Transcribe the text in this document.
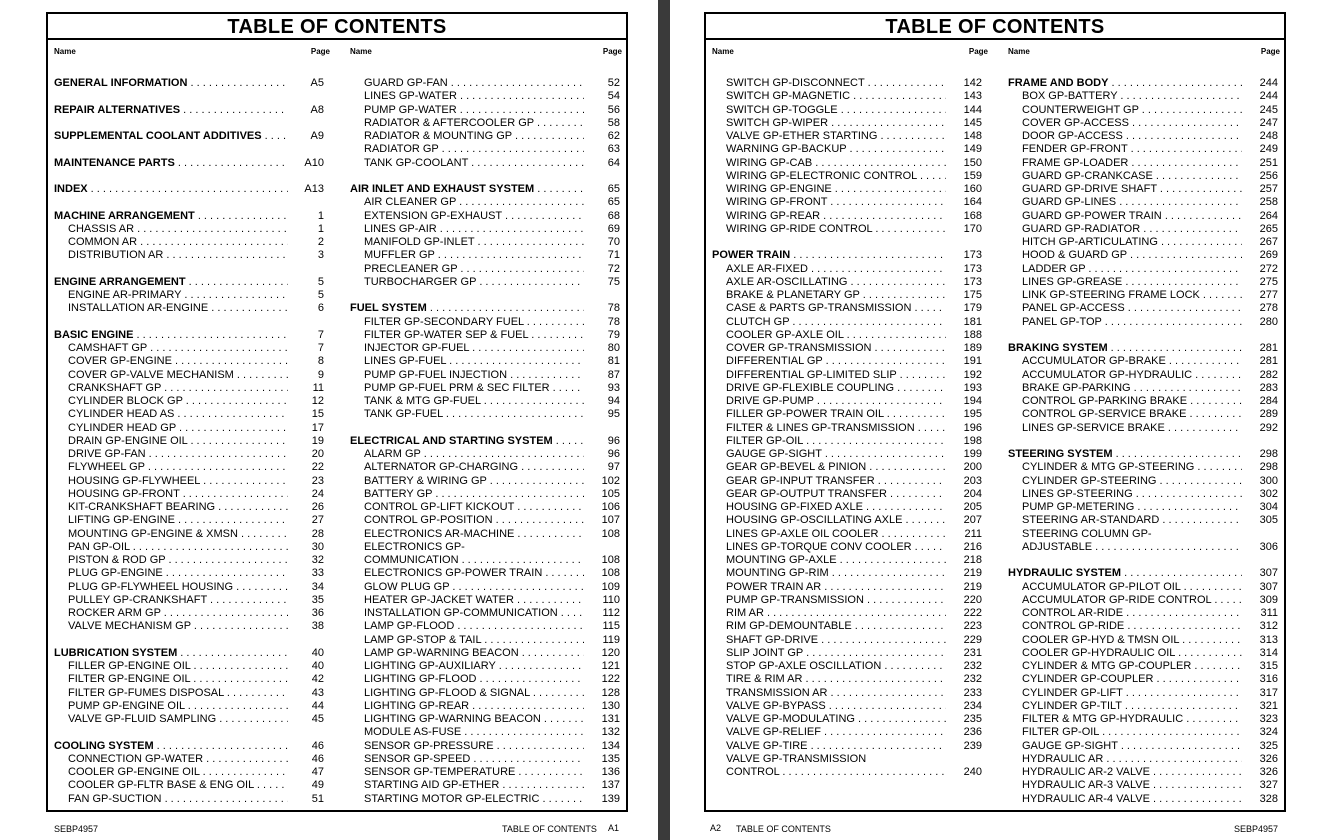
TABLE OF CONTENTS
Name	Page	Name	Page
GENERAL INFORMATION . . .	A5
REPAIR ALTERNATIVES . . .	A8
SUPPLEMENTAL COOLANT ADDITIVES . . .	A9
MAINTENANCE PARTS . . .	A10
INDEX . . .	A13
MACHINE ARRANGEMENT . . .	1
CHASSIS AR . . .	1
COMMON AR . . .	2
DISTRIBUTION AR . . .	3
ENGINE ARRANGEMENT . . .	5
ENGINE AR-PRIMARY . . .	5
INSTALLATION AR-ENGINE . . .	6
BASIC ENGINE . . .	7
CAMSHAFT GP . . .	7
COVER GP-ENGINE . . .	8
COVER GP-VALVE MECHANISM . . .	9
CRANKSHAFT GP . . .	11
CYLINDER BLOCK GP . . .	12
CYLINDER HEAD AS . . .	15
CYLINDER HEAD GP . . .	17
DRAIN GP-ENGINE OIL . . .	19
DRIVE GP-FAN . . .	20
FLYWHEEL GP . . .	22
HOUSING GP-FLYWHEEL . . .	23
HOUSING GP-FRONT . . .	24
KIT-CRANKSHAFT BEARING . . .	26
LIFTING GP-ENGINE . . .	27
MOUNTING GP-ENGINE & XMSN . . .	28
PAN GP-OIL . . .	30
PISTON & ROD GP . . .	32
PLUG GP-ENGINE . . .	33
PLUG GP-FLYWHEEL HOUSING . . .	34
PULLEY GP-CRANKSHAFT . . .	35
ROCKER ARM GP . . .	36
VALVE MECHANISM GP . . .	38
LUBRICATION SYSTEM . . .	40
FILLER GP-ENGINE OIL . . .	40
FILTER GP-ENGINE OIL . . .	42
FILTER GP-FUMES DISPOSAL . . .	43
PUMP GP-ENGINE OIL . . .	44
VALVE GP-FLUID SAMPLING . . .	45
COOLING SYSTEM . . .	46
CONNECTION GP-WATER . . .	46
COOLER GP-ENGINE OIL . . .	47
COOLER GP-FLTR BASE & ENG OIL . . .	49
FAN GP-SUCTION . . .	51
GUARD GP-FAN . . .	52
LINES GP-WATER . . .	54
PUMP GP-WATER . . .	56
RADIATOR & AFTERCOOLER GP . . .	58
RADIATOR & MOUNTING GP . . .	62
RADIATOR GP . . .	63
TANK GP-COOLANT . . .	64
AIR INLET AND EXHAUST SYSTEM . . .	65
AIR CLEANER GP . . .	65
EXTENSION GP-EXHAUST . . .	68
LINES GP-AIR . . .	69
MANIFOLD GP-INLET . . .	70
MUFFLER GP . . .	71
PRECLEANER GP . . .	72
TURBOCHARGER GP . . .	75
FUEL SYSTEM . . .	78
FILTER GP-SECONDARY FUEL . . .	78
FILTER GP-WATER SEP & FUEL . . .	79
INJECTOR GP-FUEL . . .	80
LINES GP-FUEL . . .	81
PUMP GP-FUEL INJECTION . . .	87
PUMP GP-FUEL PRM & SEC FILTER . . .	93
TANK & MTG GP-FUEL . . .	94
TANK GP-FUEL . . .	95
ELECTRICAL AND STARTING SYSTEM . . .	96
ALARM GP . . .	96
ALTERNATOR GP-CHARGING . . .	97
BATTERY & WIRING GP . . .	102
BATTERY GP . . .	105
CONTROL GP-LIFT KICKOUT . . .	106
CONTROL GP-POSITION . . .	107
ELECTRONICS AR-MACHINE . . .	108
ELECTRONICS GP-
COMMUNICATION . . .	108
ELECTRONICS GP-POWER TRAIN . . .	108
GLOW PLUG GP . . .	109
HEATER GP-JACKET WATER . . .	110
INSTALLATION GP-COMMUNICATION . . .	112
LAMP GP-FLOOD . . .	115
LAMP GP-STOP & TAIL . . .	119
LAMP GP-WARNING BEACON . . .	120
LIGHTING GP-AUXILIARY . . .	121
LIGHTING GP-FLOOD . . .	122
LIGHTING GP-FLOOD & SIGNAL . . .	128
LIGHTING GP-REAR . . .	130
LIGHTING GP-WARNING BEACON . . .	131
MODULE AS-FUSE . . .	132
SENSOR GP-PRESSURE . . .	134
SENSOR GP-SPEED . . .	135
SENSOR GP-TEMPERATURE . . .	136
STARTING AID GP-ETHER . . .	137
STARTING MOTOR GP-ELECTRIC . . .	139
SEBP4957	TABLE OF CONTENTS A1
TABLE OF CONTENTS
Name	Page	Name	Page
SWITCH GP-DISCONNECT . . .	142
SWITCH GP-MAGNETIC . . .	143
SWITCH GP-TOGGLE . . .	144
SWITCH GP-WIPER . . .	145
VALVE GP-ETHER STARTING . . .	148
WARNING GP-BACKUP . . .	149
WIRING GP-CAB . . .	150
WIRING GP-ELECTRONIC CONTROL . . .	159
WIRING GP-ENGINE . . .	160
WIRING GP-FRONT . . .	164
WIRING GP-REAR . . .	168
WIRING GP-RIDE CONTROL . . .	170
POWER TRAIN . . .	173
AXLE AR-FIXED . . .	173
AXLE AR-OSCILLATING . . .	173
BRAKE & PLANETARY GP . . .	175
CASE & PARTS GP-TRANSMISSION . . .	179
CLUTCH GP . . .	181
COOLER GP-AXLE OIL . . .	188
COVER GP-TRANSMISSION . . .	189
DIFFERENTIAL GP . . .	191
DIFFERENTIAL GP-LIMITED SLIP . . .	192
DRIVE GP-FLEXIBLE COUPLING . . .	193
DRIVE GP-PUMP . . .	194
FILLER GP-POWER TRAIN OIL . . .	195
FILTER & LINES GP-TRANSMISSION . . .	196
FILTER GP-OIL . . .	198
GAUGE GP-SIGHT . . .	199
GEAR GP-BEVEL & PINION . . .	200
GEAR GP-INPUT TRANSFER . . .	203
GEAR GP-OUTPUT TRANSFER . . .	204
HOUSING GP-FIXED AXLE . . .	205
HOUSING GP-OSCILLATING AXLE . . .	207
LINES GP-AXLE OIL COOLER . . .	211
LINES GP-TORQUE CONV COOLER . . .	216
MOUNTING GP-AXLE . . .	218
MOUNTING GP-RIM . . .	219
POWER TRAIN AR . . .	219
PUMP GP-TRANSMISSION . . .	220
RIM AR . . .	222
RIM GP-DEMOUNTABLE . . .	223
SHAFT GP-DRIVE . . .	229
SLIP JOINT GP . . .	231
STOP GP-AXLE OSCILLATION . . .	232
TIRE & RIM AR . . .	232
TRANSMISSION AR . . .	233
VALVE GP-BYPASS . . .	234
VALVE GP-MODULATING . . .	235
VALVE GP-RELIEF . . .	236
VALVE GP-TIRE . . .	239
VALVE GP-TRANSMISSION
CONTROL . . .	240
FRAME AND BODY . . .	244
BOX GP-BATTERY . . .	244
COUNTERWEIGHT GP . . .	245
COVER GP-ACCESS . . .	247
DOOR GP-ACCESS . . .	248
FENDER GP-FRONT . . .	249
FRAME GP-LOADER . . .	251
GUARD GP-CRANKCASE . . .	256
GUARD GP-DRIVE SHAFT . . .	257
GUARD GP-LINES . . .	258
GUARD GP-POWER TRAIN . . .	264
GUARD GP-RADIATOR . . .	265
HITCH GP-ARTICULATING . . .	267
HOOD & GUARD GP . . .	269
LADDER GP . . .	272
LINES GP-GREASE . . .	275
LINK GP-STEERING FRAME LOCK . . .	277
PANEL GP-ACCESS . . .	278
PANEL GP-TOP . . .	280
BRAKING SYSTEM . . .	281
ACCUMULATOR GP-BRAKE . . .	281
ACCUMULATOR GP-HYDRAULIC . . .	282
BRAKE GP-PARKING . . .	283
CONTROL GP-PARKING BRAKE . . .	284
CONTROL GP-SERVICE BRAKE . . .	289
LINES GP-SERVICE BRAKE . . .	292
STEERING SYSTEM . . .	298
CYLINDER & MTG GP-STEERING . . .	298
CYLINDER GP-STEERING . . .	300
LINES GP-STEERING . . .	302
PUMP GP-METERING . . .	304
STEERING AR-STANDARD . . .	305
STEERING COLUMN GP-
ADJUSTABLE . . .	306
HYDRAULIC SYSTEM . . .	307
ACCUMULATOR GP-PILOT OIL . . .	307
ACCUMULATOR GP-RIDE CONTROL . . .	309
CONTROL AR-RIDE . . .	311
CONTROL GP-RIDE . . .	312
COOLER GP-HYD & TMSN OIL . . .	313
COOLER GP-HYDRAULIC OIL . . .	314
CYLINDER & MTG GP-COUPLER . . .	315
CYLINDER GP-COUPLER . . .	316
CYLINDER GP-LIFT . . .	317
CYLINDER GP-TILT . . .	321
FILTER & MTG GP-HYDRAULIC . . .	323
FILTER GP-OIL . . .	324
GAUGE GP-SIGHT . . .	325
HYDRAULIC AR . . .	326
HYDRAULIC AR-2 VALVE . . .	326
HYDRAULIC AR-3 VALVE . . .	327
HYDRAULIC AR-4 VALVE . . .	328
A2 TABLE OF CONTENTS	SEBP4957
